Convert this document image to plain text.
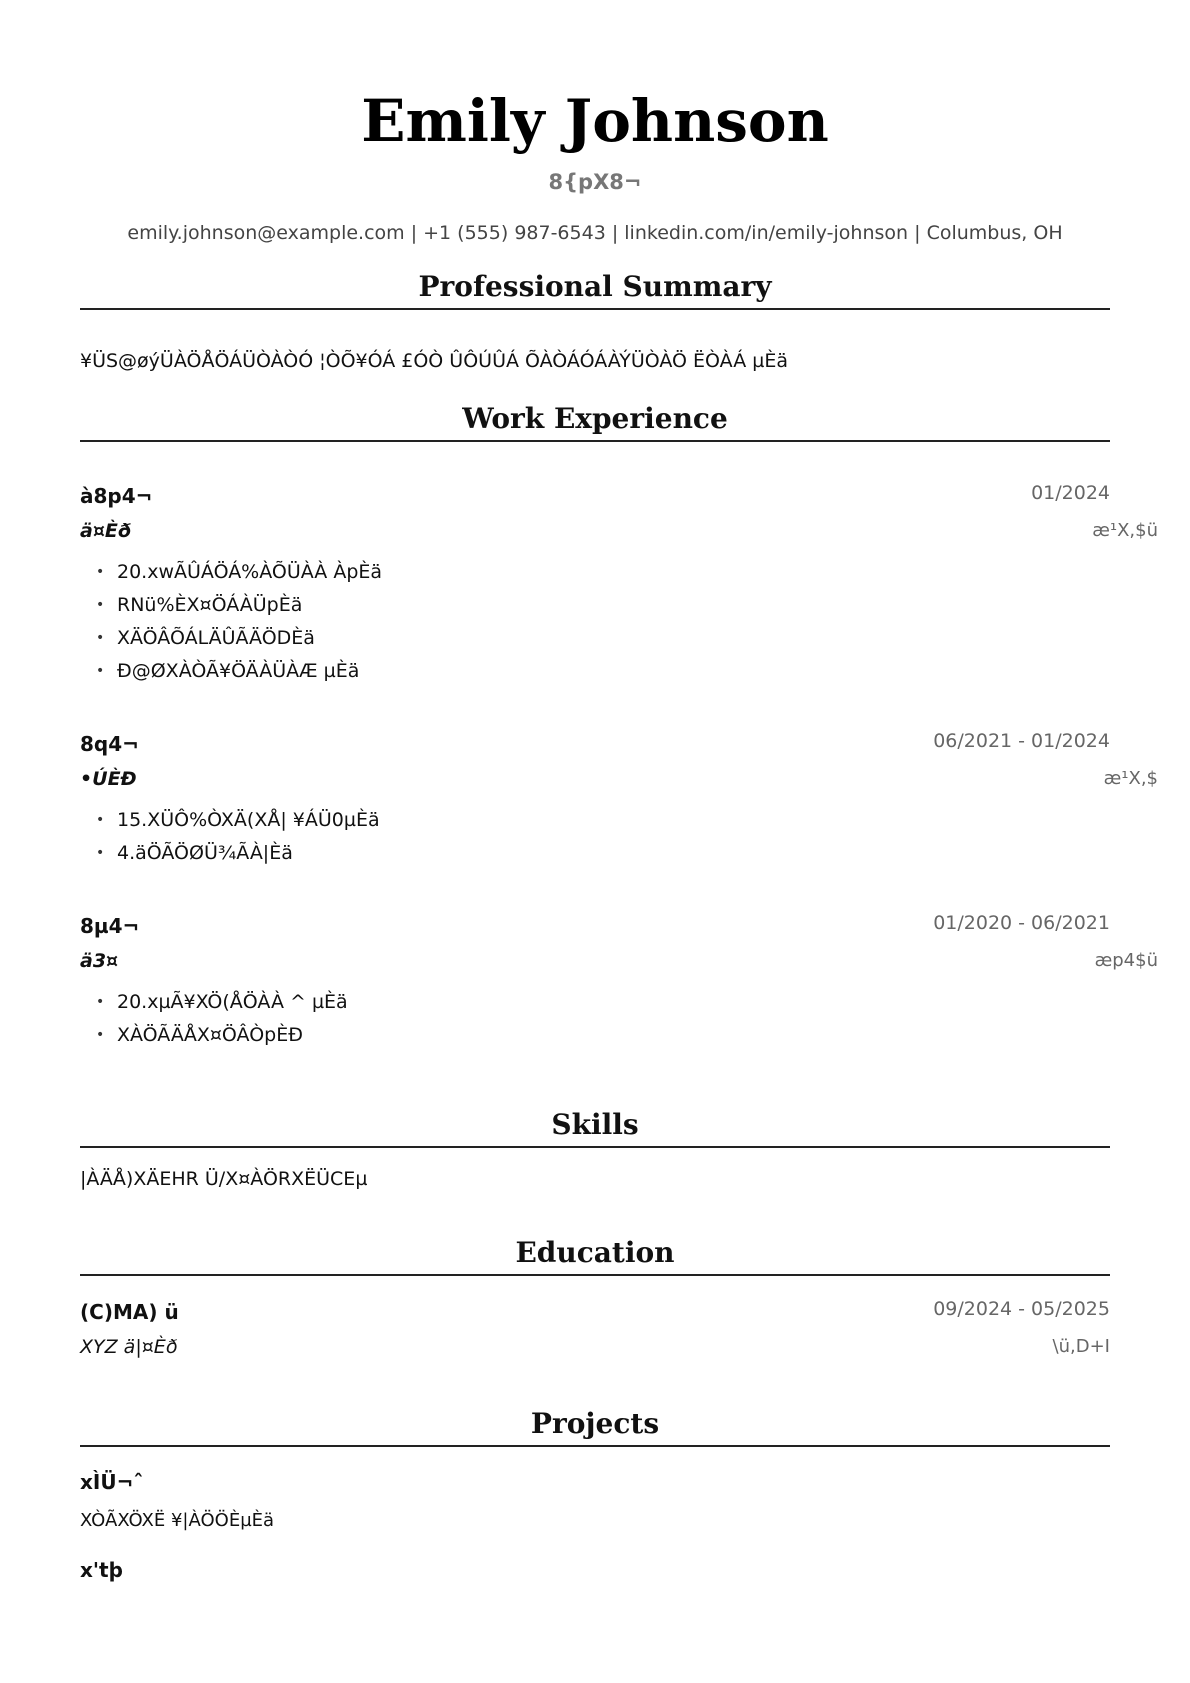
Emily Johnson
8{pX8¬
emily.johnson@example.com | +1 (555) 987-6543 | linkedin.com/in/emily-johnson | Columbus, OH
Professional Summary
¥ÜS@øýÜÀÖÅÖÁÜÒÀÒÓ ¦ÒÕ¥ÓÁ £ÓÒ ÛÔÚÛÁ ÕÀÒÁÓÁÀÝÜÒÀÖ ËÒÀÁ µÈä
Work Experience
à8p4¬	01/2024
ä¤Èð	æ¹X,$ü
• 20.xwÃÛÁÖÁ%ÀÕÜÀÀ ÀpÈä
• RNü%ÈX¤ÖÁÀÜpÈä
• XÄÖÂÕÁLÄÛÃÄÖDÈä
• Ð@ØXÀÒÃ¥ÖÄÀÜÀÆ µÈä
8q4¬	06/2021 - 01/2024
•ÚÈÐ	æ¹X,$
• 15.XÜÔ%ÒXÄ(XÅ| ¥ÁÜ0µÈä
• 4.äÖÃÖØÜ¾ÃÀ|Èä
8µ4¬	01/2020 - 06/2021
ä3¤	æp4$ü
• 20.xµÃ¥XÖ(ÅÖÀÀ ^ µÈä
• XÀÖÃÄÅX¤ÖÂÒpÈÐ
Skills
|ÀÄÅ)XÄEHR Ü/X¤ÀÖRXËÜCEµ
Education
(C)MA) ü	09/2024 - 05/2025
XYZ ä|¤Èð	\ü,D+I
Projects
xÌÜ¬ˆ
XÒÃXÖXË ¥|ÀÖÖÈµÈä
x'tþ
